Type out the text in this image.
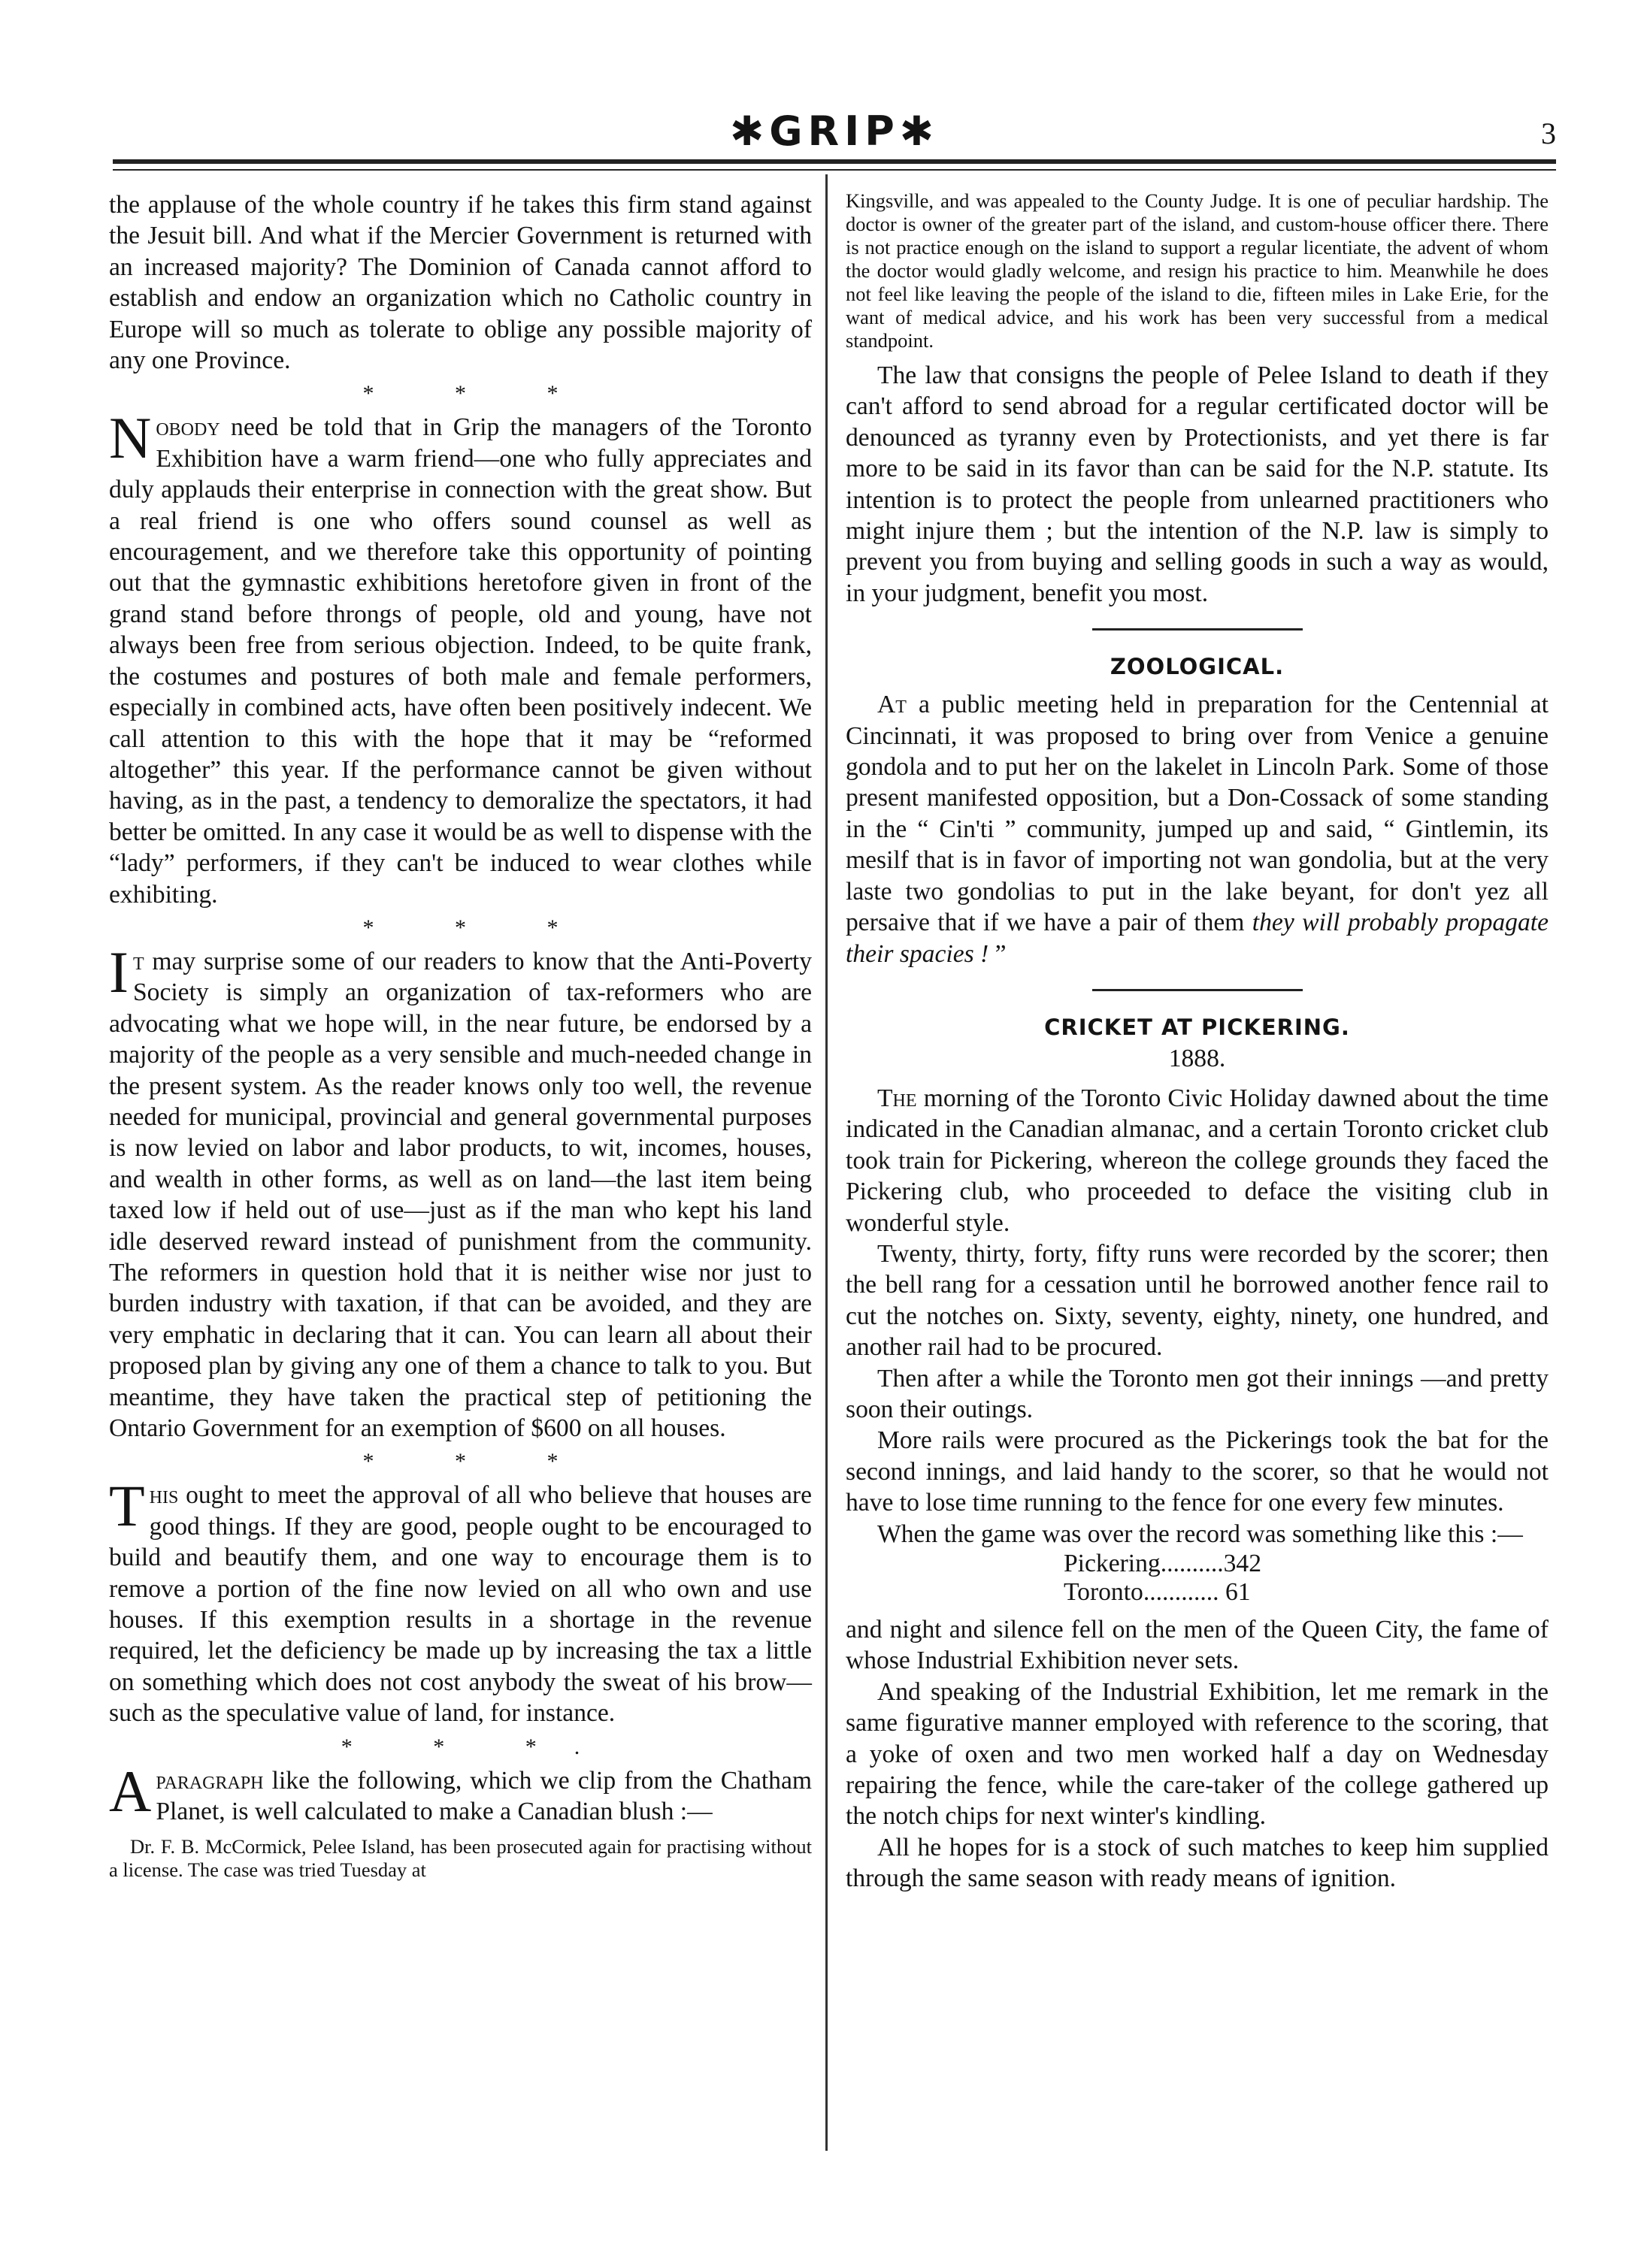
✱GRIP✱	3

the applause of the whole country if he takes this firm stand against the Jesuit bill. And what if the Mercier Government is returned with an increased majority? The Dominion of Canada cannot afford to establish and endow an organization which no Catholic country in Europe will so much as tolerate to oblige any possible majority of any one Province.

* * *

Nobody need be told that in Grip the managers of the Toronto Exhibition have a warm friend—one who fully appreciates and duly applauds their enterprise in connection with the great show. But a real friend is one who offers sound counsel as well as encouragement, and we therefore take this opportunity of pointing out that the gymnastic exhibitions heretofore given in front of the grand stand before throngs of people, old and young, have not always been free from serious objection. Indeed, to be quite frank, the costumes and postures of both male and female performers, especially in combined acts, have often been positively indecent. We call attention to this with the hope that it may be “reformed altogether” this year. If the performance cannot be given without having, as in the past, a tendency to demoralize the spectators, it had better be omitted. In any case it would be as well to dispense with the “lady” performers, if they can't be induced to wear clothes while exhibiting.

* * *

It may surprise some of our readers to know that the Anti-Poverty Society is simply an organization of tax-reformers who are advocating what we hope will, in the near future, be endorsed by a majority of the people as a very sensible and much-needed change in the present system. As the reader knows only too well, the revenue needed for municipal, provincial and general governmental purposes is now levied on labor and labor products, to wit, incomes, houses, and wealth in other forms, as well as on land—the last item being taxed low if held out of use—just as if the man who kept his land idle deserved reward instead of punishment from the community. The reformers in question hold that it is neither wise nor just to burden industry with taxation, if that can be avoided, and they are very emphatic in declaring that it can. You can learn all about their proposed plan by giving any one of them a chance to talk to you. But meantime, they have taken the practical step of petitioning the Ontario Government for an exemption of $600 on all houses.

* * *

This ought to meet the approval of all who believe that houses are good things. If they are good, people ought to be encouraged to build and beautify them, and one way to encourage them is to remove a portion of the fine now levied on all who own and use houses. If this exemption results in a shortage in the revenue required, let the deficiency be made up by increasing the tax a little on something which does not cost anybody the sweat of his brow—such as the speculative value of land, for instance.

* * *.

Aparagraph like the following, which we clip from the Chatham Planet, is well calculated to make a Canadian blush :—

Dr. F. B. McCormick, Pelee Island, has been prosecuted again for practising without a license. The case was tried Tuesday at

Kingsville, and was appealed to the County Judge. It is one of peculiar hardship. The doctor is owner of the greater part of the island, and custom-house officer there. There is not practice enough on the island to support a regular licentiate, the advent of whom the doctor would gladly welcome, and resign his practice to him. Meanwhile he does not feel like leaving the people of the island to die, fifteen miles in Lake Erie, for the want of medical advice, and his work has been very successful from a medical standpoint.

The law that consigns the people of Pelee Island to death if they can't afford to send abroad for a regular certificated doctor will be denounced as tyranny even by Protectionists, and yet there is far more to be said in its favor than can be said for the N.P. statute. Its intention is to protect the people from unlearned practitioners who might injure them ; but the intention of the N.P. law is simply to prevent you from buying and selling goods in such a way as would, in your judgment, benefit you most.

ZOOLOGICAL.

At a public meeting held in preparation for the Centennial at Cincinnati, it was proposed to bring over from Venice a genuine gondola and to put her on the lakelet in Lincoln Park. Some of those present manifested opposition, but a Don-Cossack of some standing in the “ Cin'ti ” community, jumped up and said, “ Gintlemin, its mesilf that is in favor of importing not wan gondolia, but at the very laste two gondolias to put in the lake beyant, for don't yez all persaive that if we have a pair of them they will probably propagate their spacies ! ”

CRICKET AT PICKERING.
1888.

The morning of the Toronto Civic Holiday dawned about the time indicated in the Canadian almanac, and a certain Toronto cricket club took train for Pickering, whereon the college grounds they faced the Pickering club, who proceeded to deface the visiting club in wonderful style.

Twenty, thirty, forty, fifty runs were recorded by the scorer; then the bell rang for a cessation until he borrowed another fence rail to cut the notches on. Sixty, seventy, eighty, ninety, one hundred, and another rail had to be procured.

Then after a while the Toronto men got their innings —and pretty soon their outings.

More rails were procured as the Pickerings took the bat for the second innings, and laid handy to the scorer, so that he would not have to lose time running to the fence for one every few minutes.

When the game was over the record was something like this :—

Pickering..........342
Toronto............ 61

and night and silence fell on the men of the Queen City, the fame of whose Industrial Exhibition never sets.

And speaking of the Industrial Exhibition, let me remark in the same figurative manner employed with reference to the scoring, that a yoke of oxen and two men worked half a day on Wednesday repairing the fence, while the care-taker of the college gathered up the notch chips for next winter's kindling.

All he hopes for is a stock of such matches to keep him supplied through the same season with ready means of ignition.
